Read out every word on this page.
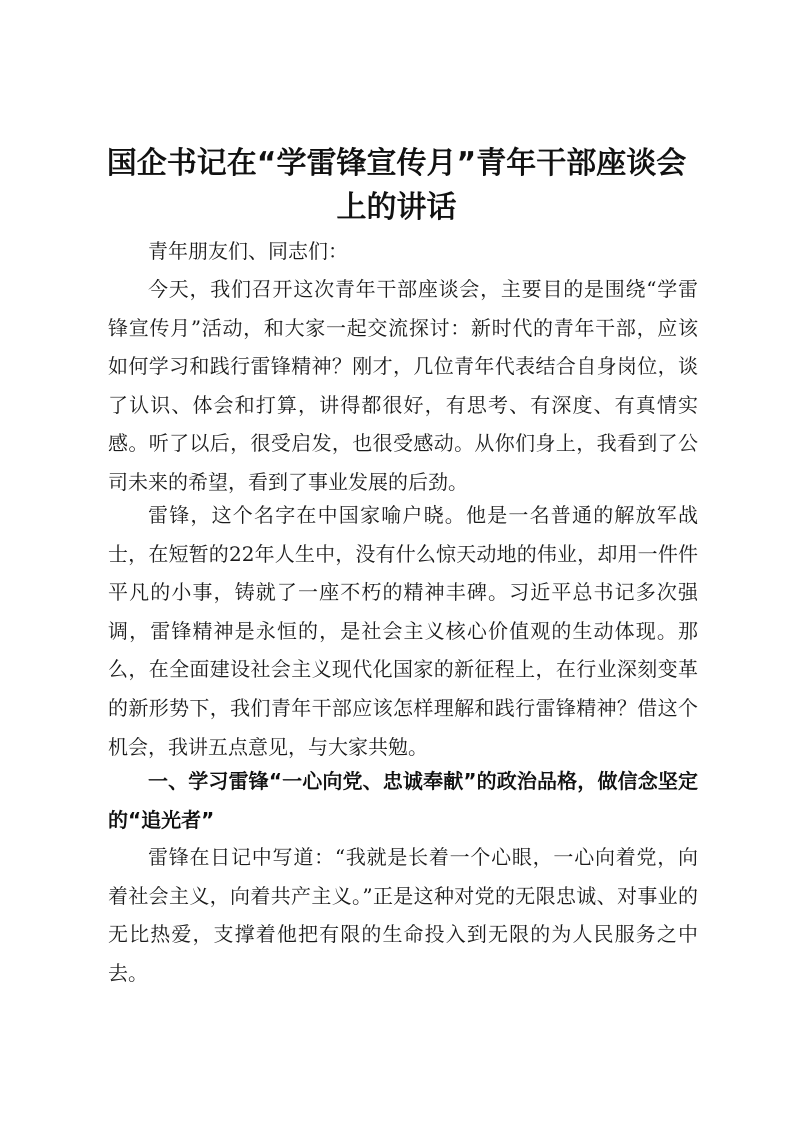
国企书记在“学雷锋宣传月”青年干部座谈会
上的讲话

青年朋友们、同志们：

今天，我们召开这次青年干部座谈会，主要目的是围绕“学雷锋宣传月”活动，和大家一起交流探讨：新时代的青年干部，应该如何学习和践行雷锋精神？刚才，几位青年代表结合自身岗位，谈了认识、体会和打算，讲得都很好，有思考、有深度、有真情实感。听了以后，很受启发，也很受感动。从你们身上，我看到了公司未来的希望，看到了事业发展的后劲。

雷锋，这个名字在中国家喻户晓。他是一名普通的解放军战士，在短暂的22年人生中，没有什么惊天动地的伟业，却用一件件平凡的小事，铸就了一座不朽的精神丰碑。习近平总书记多次强调，雷锋精神是永恒的，是社会主义核心价值观的生动体现。那么，在全面建设社会主义现代化国家的新征程上，在行业深刻变革的新形势下，我们青年干部应该怎样理解和践行雷锋精神？借这个机会，我讲五点意见，与大家共勉。

一、学习雷锋“一心向党、忠诚奉献”的政治品格，做信念坚定的“追光者”

雷锋在日记中写道：“我就是长着一个心眼，一心向着党，向着社会主义，向着共产主义。”正是这种对党的无限忠诚、对事业的无比热爱，支撑着他把有限的生命投入到无限的为人民服务之中去。
